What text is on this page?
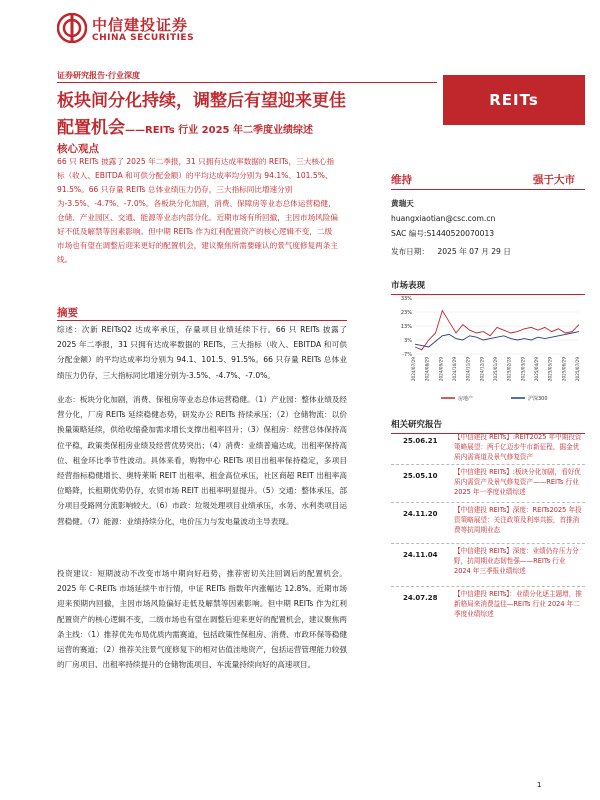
中信建投证券
CHINA SECURITIES
证券研究报告·行业深度
REITs
板块间分化持续，调整后有望迎来更佳
配置机会——REITs 行业 2025 年二季度业绩综述
核心观点
66 只 REITs 披露了 2025 年二季报，31 只拥有达成率数据的 REITs，三大核心指标（收入、EBITDA 和可供分配金额）的平均达成率均分别为 94.1%、101.5%、91.5%。66 只存量 REITs 总体业绩压力仍存，三大指标同比增速分别为-3.5%、-4.7%、-7.0%。各板块分化加剧，消费、保障房等业态总体运营稳健，仓储、产业园区、交通、能源等业态内部分化。近期市场有所回撤，主因市场风险偏好不低及解禁等因素影响。但中期 REITs 作为红利配置资产的核心逻辑不变，二级市场也有望在调整后迎来更好的配置机会，建议聚焦所需要確认的景气度修复两条主线。
摘要
综述：次新 REITsQ2 达成率承压，存量项目业绩延续下行。66 只 REITs 披露了 2025 年二季报，31 只拥有达成率数据的 REITs，三大指标（收入、EBITDA 和可供分配金额）的平均达成率均分别为 94.1、101.5、91.5%。66 只存量 REITs 总体业绩压力仍存，三大指标同比增速分别为-3.5%、-4.7%、-7.0%。
业态：板块分化加剧，消费、保租房等业态总体运营稳健。（1）产业园：整体业绩及经营分化，厂房 REITs 延续稳健态势，研发办公 REITs 持续承压；（2）仓储物流：以价换量策略延续，供给收缩叠加需求增长支撑出租率回升；（3）保租房：经营总体保持高位平稳，政策类保租房业绩及经营优势突出；（4）消费：业绩普遍达成，出租率保持高位、租金环比季节性波动。具体来看，购物中心 REITs 项目出租率保持稳定，多项目经营指标稳健增长、奥特莱斯 REIT 出租率、租金高位承压，社区商超 REIT 出租率高位略降，长租期优势仍存，农贸市场 REIT 出租率明显提升。（5）交通：整体承压，部分项目受路网分流影响较大。（6）市政：垃圾处理项目业绩承压，水务、水利类项目运营稳健。（7）能源：业绩持续分化，电价压力与发电量波动主导表现。
投资建议：短期波动不改变市场中期向好趋势，推荐密切关注回调后的配置机会。2025 年 C-REITs 市场延续牛市行情，中证 REITs 指数年内涨幅达 12.8%。近期市场迎来预期内回撤，主因市场风险偏好走低及解禁等因素影响。但中期 REITs 作为红利配置资产的核心逻辑不变，二级市场也有望在调整后迎来更好的配置机会，建议聚焦两条主线：（1）推荐优先布局优质内需赛道，包括政策性保租房、消费、市政环保等稳健运营的赛道；（2）推荐关注景气度修复下的相对估值洼地资产，包括运营管理能力较强的厂房项目、出租率持续提升的仓储物流项目、车流量持续向好的高速项目。
维持	强于大市
黄瑞天
huangxiaotian@csc.com.cn
SAC 编号:S1440520070013
发布日期： 2025 年 07 月 29 日
市场表现
-7%
3%
13%
23%
33%
2024/07/29 2024/08/29 2024/09/29 2024/10/29 2024/11/29 2024/12/29 2025/01/29 2025/02/28 2025/03/29 2025/04/29 2025/05/29 2025/06/29 2025/07/29
房地产	沪深300
相关研究报告
25.06.21 【中信建投 REITs】:REIT2025 年中期投资策略展望：两千亿迈步牛市新征程，掘金优质内需赛道及景气修复资产
25.05.10 【中信建投 REITs】:板块分化加剧，看好优质内需资产及景气修复资产——REITs 行业 2025 年一季度业绩综述
24.11.20 【中信建投 REITs】深度：REITs2025 年投资策略展望：关注政策及利率共振，首推消费等抗周期业态
24.11.04 【中信建投 REITs】深度：业绩仍存压力分野，抗周期业态韧性强——REITs 行业 2024 年三季报业绩综述
24.07.28 【中信建投 REITs】：业绩分化逐主题增，推新格局来消费益佳—REITs 行业 2024 年二季度业绩综述
1
